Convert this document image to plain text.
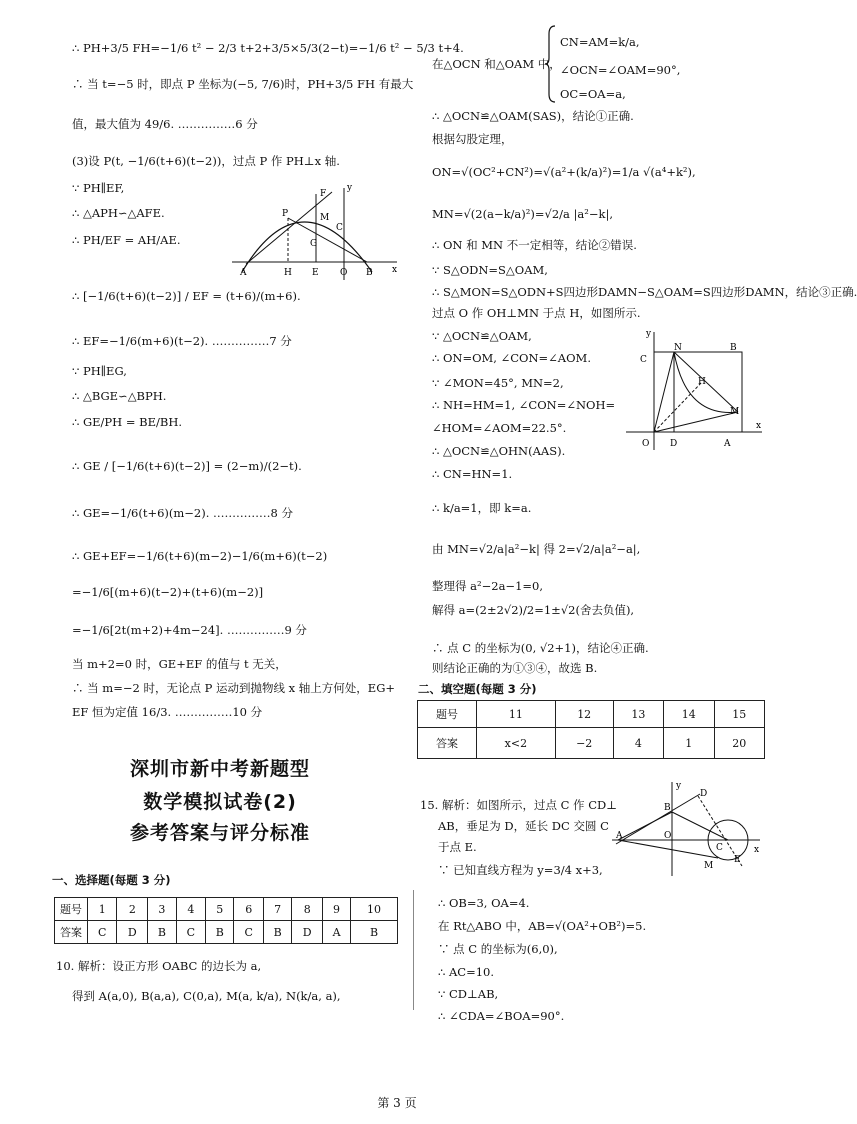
∴ PH+3/5 FH=−1/6 t² − 2/3 t+2+3/5×5/3(2−t)=−1/6 t² − 5/3 t+4.
∴ 当 t=−5 时，即点 P 坐标为(−5, 7/6)时，PH+3/5 FH 有最大
值，最大值为 49/6. ……………6 分
(3)设 P(t, −1/6(t+6)(t−2))，过点 P 作 PH⊥x 轴.
∵ PH∥EF,
∴ △APH∽△AFE.
∴ PH/EF = AH/AE.
∴ [−1/6(t+6)(t−2)] / EF = (t+6)/(m+6).
∴ EF=−1/6(m+6)(t−2). ……………7 分
∵ PH∥EG,
∴ △BGE∽△BPH.
∴ GE/PH = BE/BH.
∴ GE / [−1/6(t+6)(t−2)] = (2−m)/(2−t).
∴ GE=−1/6(t+6)(m−2). ……………8 分
∴ GE+EF=−1/6(t+6)(m−2)−1/6(m+6)(t−2)
=−1/6[(m+6)(t−2)+(t+6)(m−2)]
=−1/6[2t(m+2)+4m−24]. ……………9 分
当 m+2=0 时，GE+EF 的值与 t 无关，
∴ 当 m=−2 时，无论点 P 运动到抛物线 x 轴上方何处，EG+
EF 恒为定值 16/3. ……………10 分
A	H E O B
P
F
M
C
G
x
y
深圳市新中考新题型
数学模拟试卷(2)
参考答案与评分标准
一、选择题(每题 3 分)
题号	1	2	3	4	5	6	7	8	9	10
答案	C	D	B	C	B	C	B	D	A	B
10. 解析：设正方形 OABC 的边长为 a,
得到 A(a,0), B(a,a), C(0,a), M(a, k/a), N(k/a, a),
在△OCN 和△OAM 中，
CN=AM=k/a,
∠OCN=∠OAM=90°,
OC=OA=a,
∴ △OCN≌△OAM(SAS)，结论①正确.
根据勾股定理，
ON=√(OC²+CN²)=√(a²+(k/a)²)=1/a √(a⁴+k²),
MN=√(2(a−k/a)²)=√2/a |a²−k|,
∴ ON 和 MN 不一定相等，结论②错误.
∵ S△ODN=S△OAM,
∴ S△MON=S△ODN+S四边形DAMN−S△OAM=S四边形DAMN，结论③正确.
过点 O 作 OH⊥MN 于点 H，如图所示.
∵ △OCN≌△OAM,
∴ ON=OM, ∠CON=∠AOM.
∵ ∠MON=45°, MN=2,
∴ NH=HM=1, ∠CON=∠NOH=
∠HOM=∠AOM=22.5°.
∴ △OCN≌△OHN(AAS).
∴ CN=HN=1.
∴ k/a=1，即 k=a.
由 MN=√2/a|a²−k| 得 2=√2/a|a²−a|,
整理得 a²−2a−1=0,
解得 a=(2±2√2)/2=1±√2(舍去负值),
∴ 点 C 的坐标为(0, √2+1)，结论④正确.
则结论正确的为①③④，故选 B.
C
N	B
H
M
O D	A
x
y
二、填空题(每题 3 分)
题号	11	12	13	14	15
答案	x<2	−2	4	1	20
15. 解析：如图所示，过点 C 作 CD⊥
AB，垂足为 D，延长 DC 交圆 C
于点 E.
∵ 已知直线方程为 y=3/4 x+3,
∴ OB=3, OA=4.
在 Rt△ABO 中，AB=√(OA²+OB²)=5.
∵ 点 C 的坐标为(6,0),
∴ AC=10.
∵ CD⊥AB,
∴ ∠CDA=∠BOA=90°.
A
B
D
O
C
M
E
x
y
第 3 页
